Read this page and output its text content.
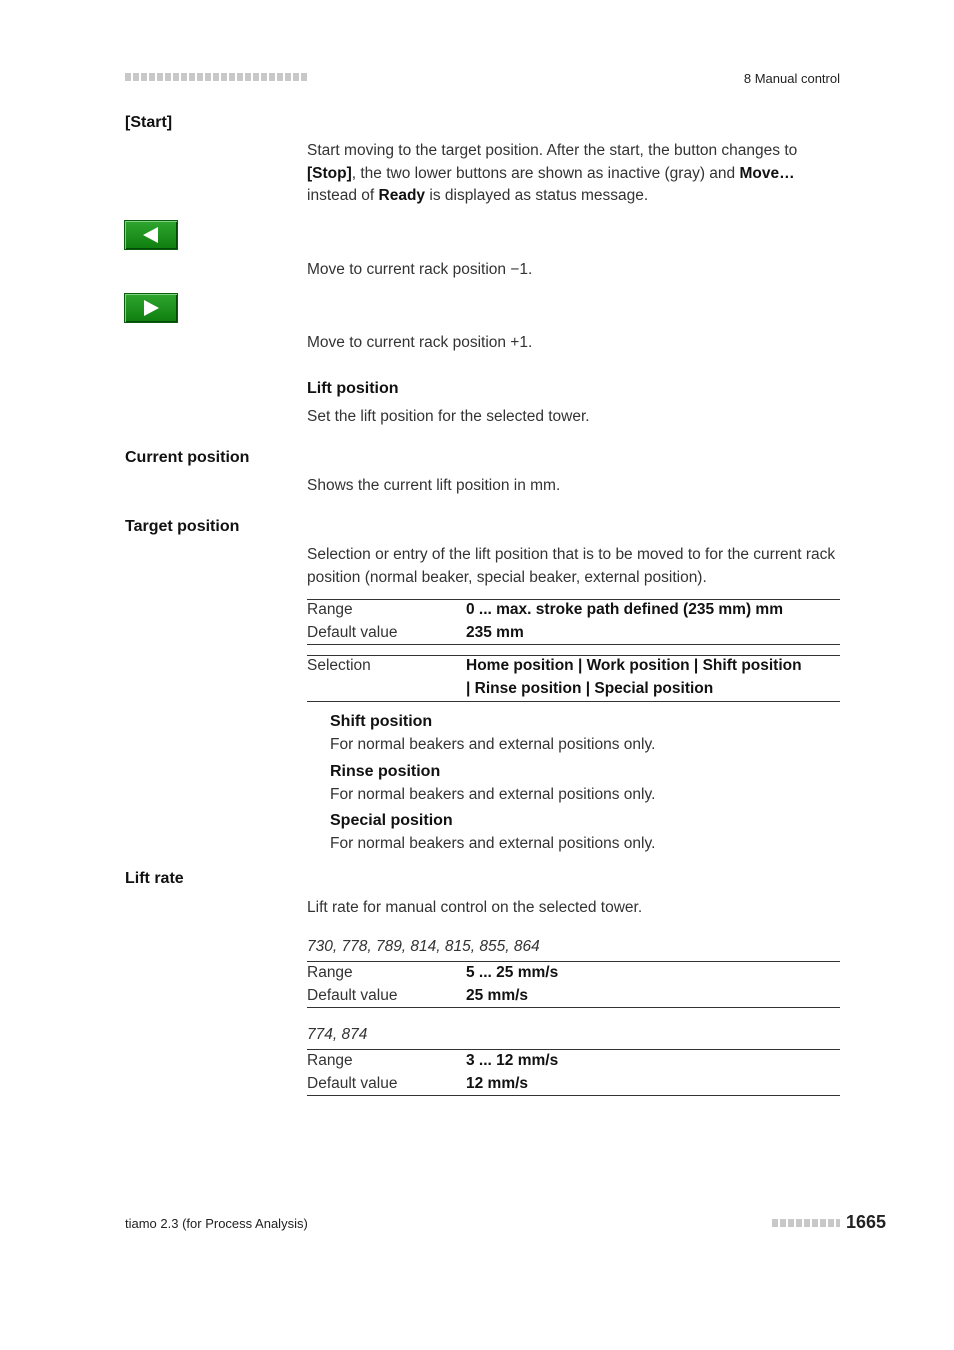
8 Manual control
[Start]
Start moving to the target position. After the start, the button changes to
[Stop], the two lower buttons are shown as inactive (gray) and Move…
instead of Ready is displayed as status message.
Move to current rack position −1.
Move to current rack position +1.
Lift position
Set the lift position for the selected tower.
Current position
Shows the current lift position in mm.
Target position
Selection or entry of the lift position that is to be moved to for the current rack position (normal beaker, special beaker, external position).
Range	0 ... max. stroke path defined (235 mm) mm
Default value	235 mm
Selection	Home position | Work position | Shift position
| Rinse position | Special position
Shift position
For normal beakers and external positions only.
Rinse position
For normal beakers and external positions only.
Special position
For normal beakers and external positions only.
Lift rate
Lift rate for manual control on the selected tower.
730, 778, 789, 814, 815, 855, 864
Range	5 ... 25 mm/s
Default value	25 mm/s
774, 874
Range	3 ... 12 mm/s
Default value	12 mm/s
tiamo 2.3 (for Process Analysis)	1665
